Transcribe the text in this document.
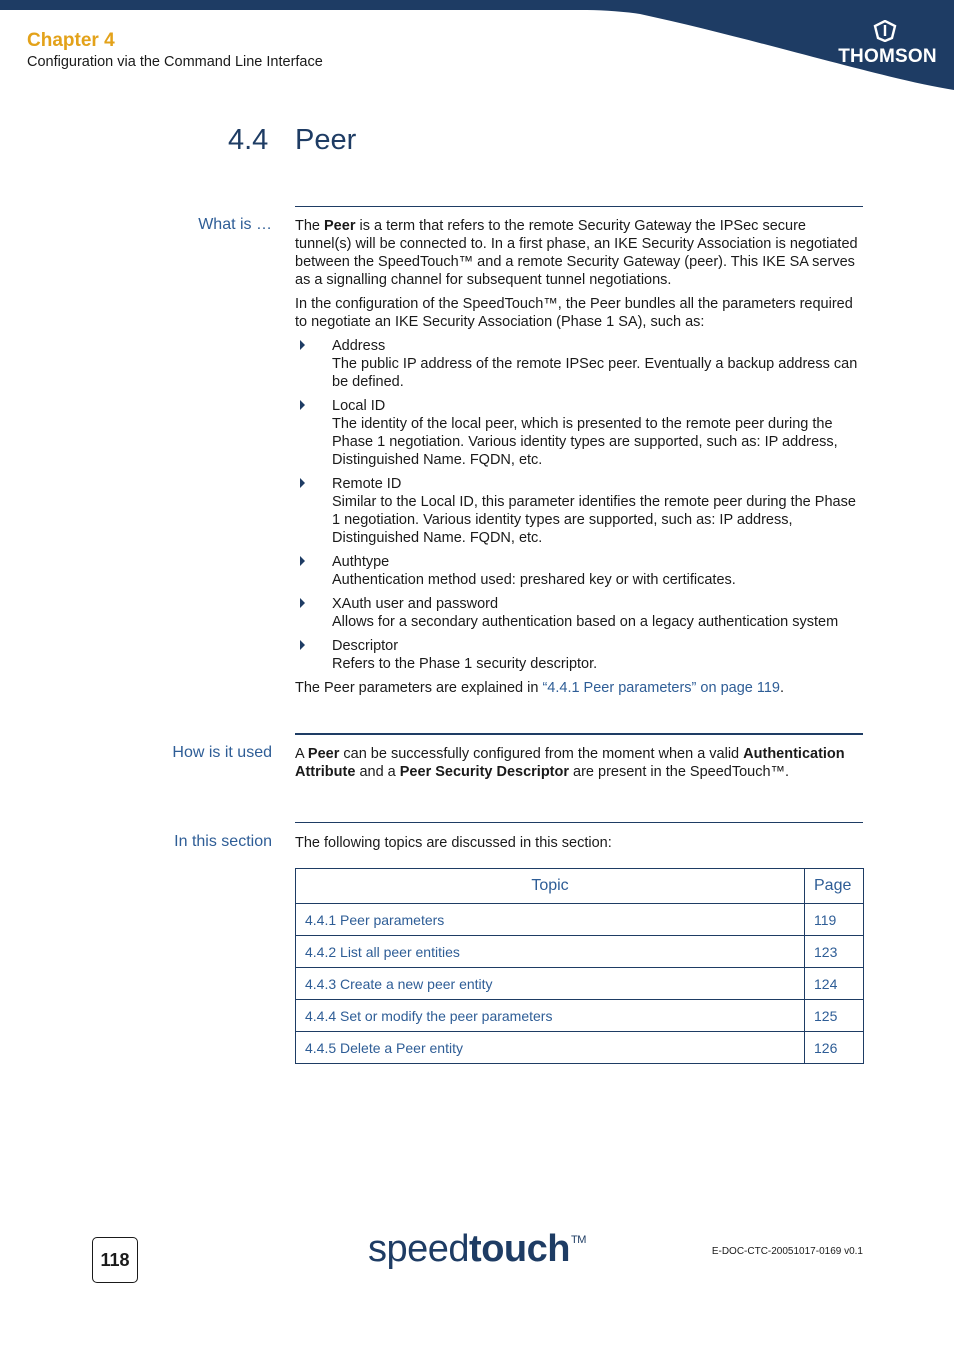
Chapter 4
Configuration via the Command Line Interface	THOMSON
4.4 Peer
What is … The Peer is a term that refers to the remote Security Gateway the IPSec secure tunnel(s) will be connected to. In a first phase, an IKE Security Association is negotiated between the SpeedTouch™ and a remote Security Gateway (peer). This IKE SA serves as a signalling channel for subsequent tunnel negotiations.

In the configuration of the SpeedTouch™, the Peer bundles all the parameters required to negotiate an IKE Security Association (Phase 1 SA), such as:

Address
The public IP address of the remote IPSec peer. Eventually a backup address can be defined.
Local ID
The identity of the local peer, which is presented to the remote peer during the Phase 1 negotiation. Various identity types are supported, such as: IP address, Distinguished Name. FQDN, etc.
Remote ID
Similar to the Local ID, this parameter identifies the remote peer during the Phase 1 negotiation. Various identity types are supported, such as: IP address, Distinguished Name. FQDN, etc.
Authtype
Authentication method used: preshared key or with certificates.
XAuth user and password
Allows for a secondary authentication based on a legacy authentication system
Descriptor
Refers to the Phase 1 security descriptor.

The Peer parameters are explained in “4.4.1 Peer parameters” on page 119.

How is it used A Peer can be successfully configured from the moment when a valid Authentication Attribute and a Peer Security Descriptor are present in the SpeedTouch™.

In this section The following topics are discussed in this section:
Topic	Page
4.4.1 Peer parameters	119
4.4.2 List all peer entities	123
4.4.3 Create a new peer entity	124
4.4.4 Set or modify the peer parameters	125
4.4.5 Delete a Peer entity	126
118	speedtouch™
E-DOC-CTC-20051017-0169 v0.1
